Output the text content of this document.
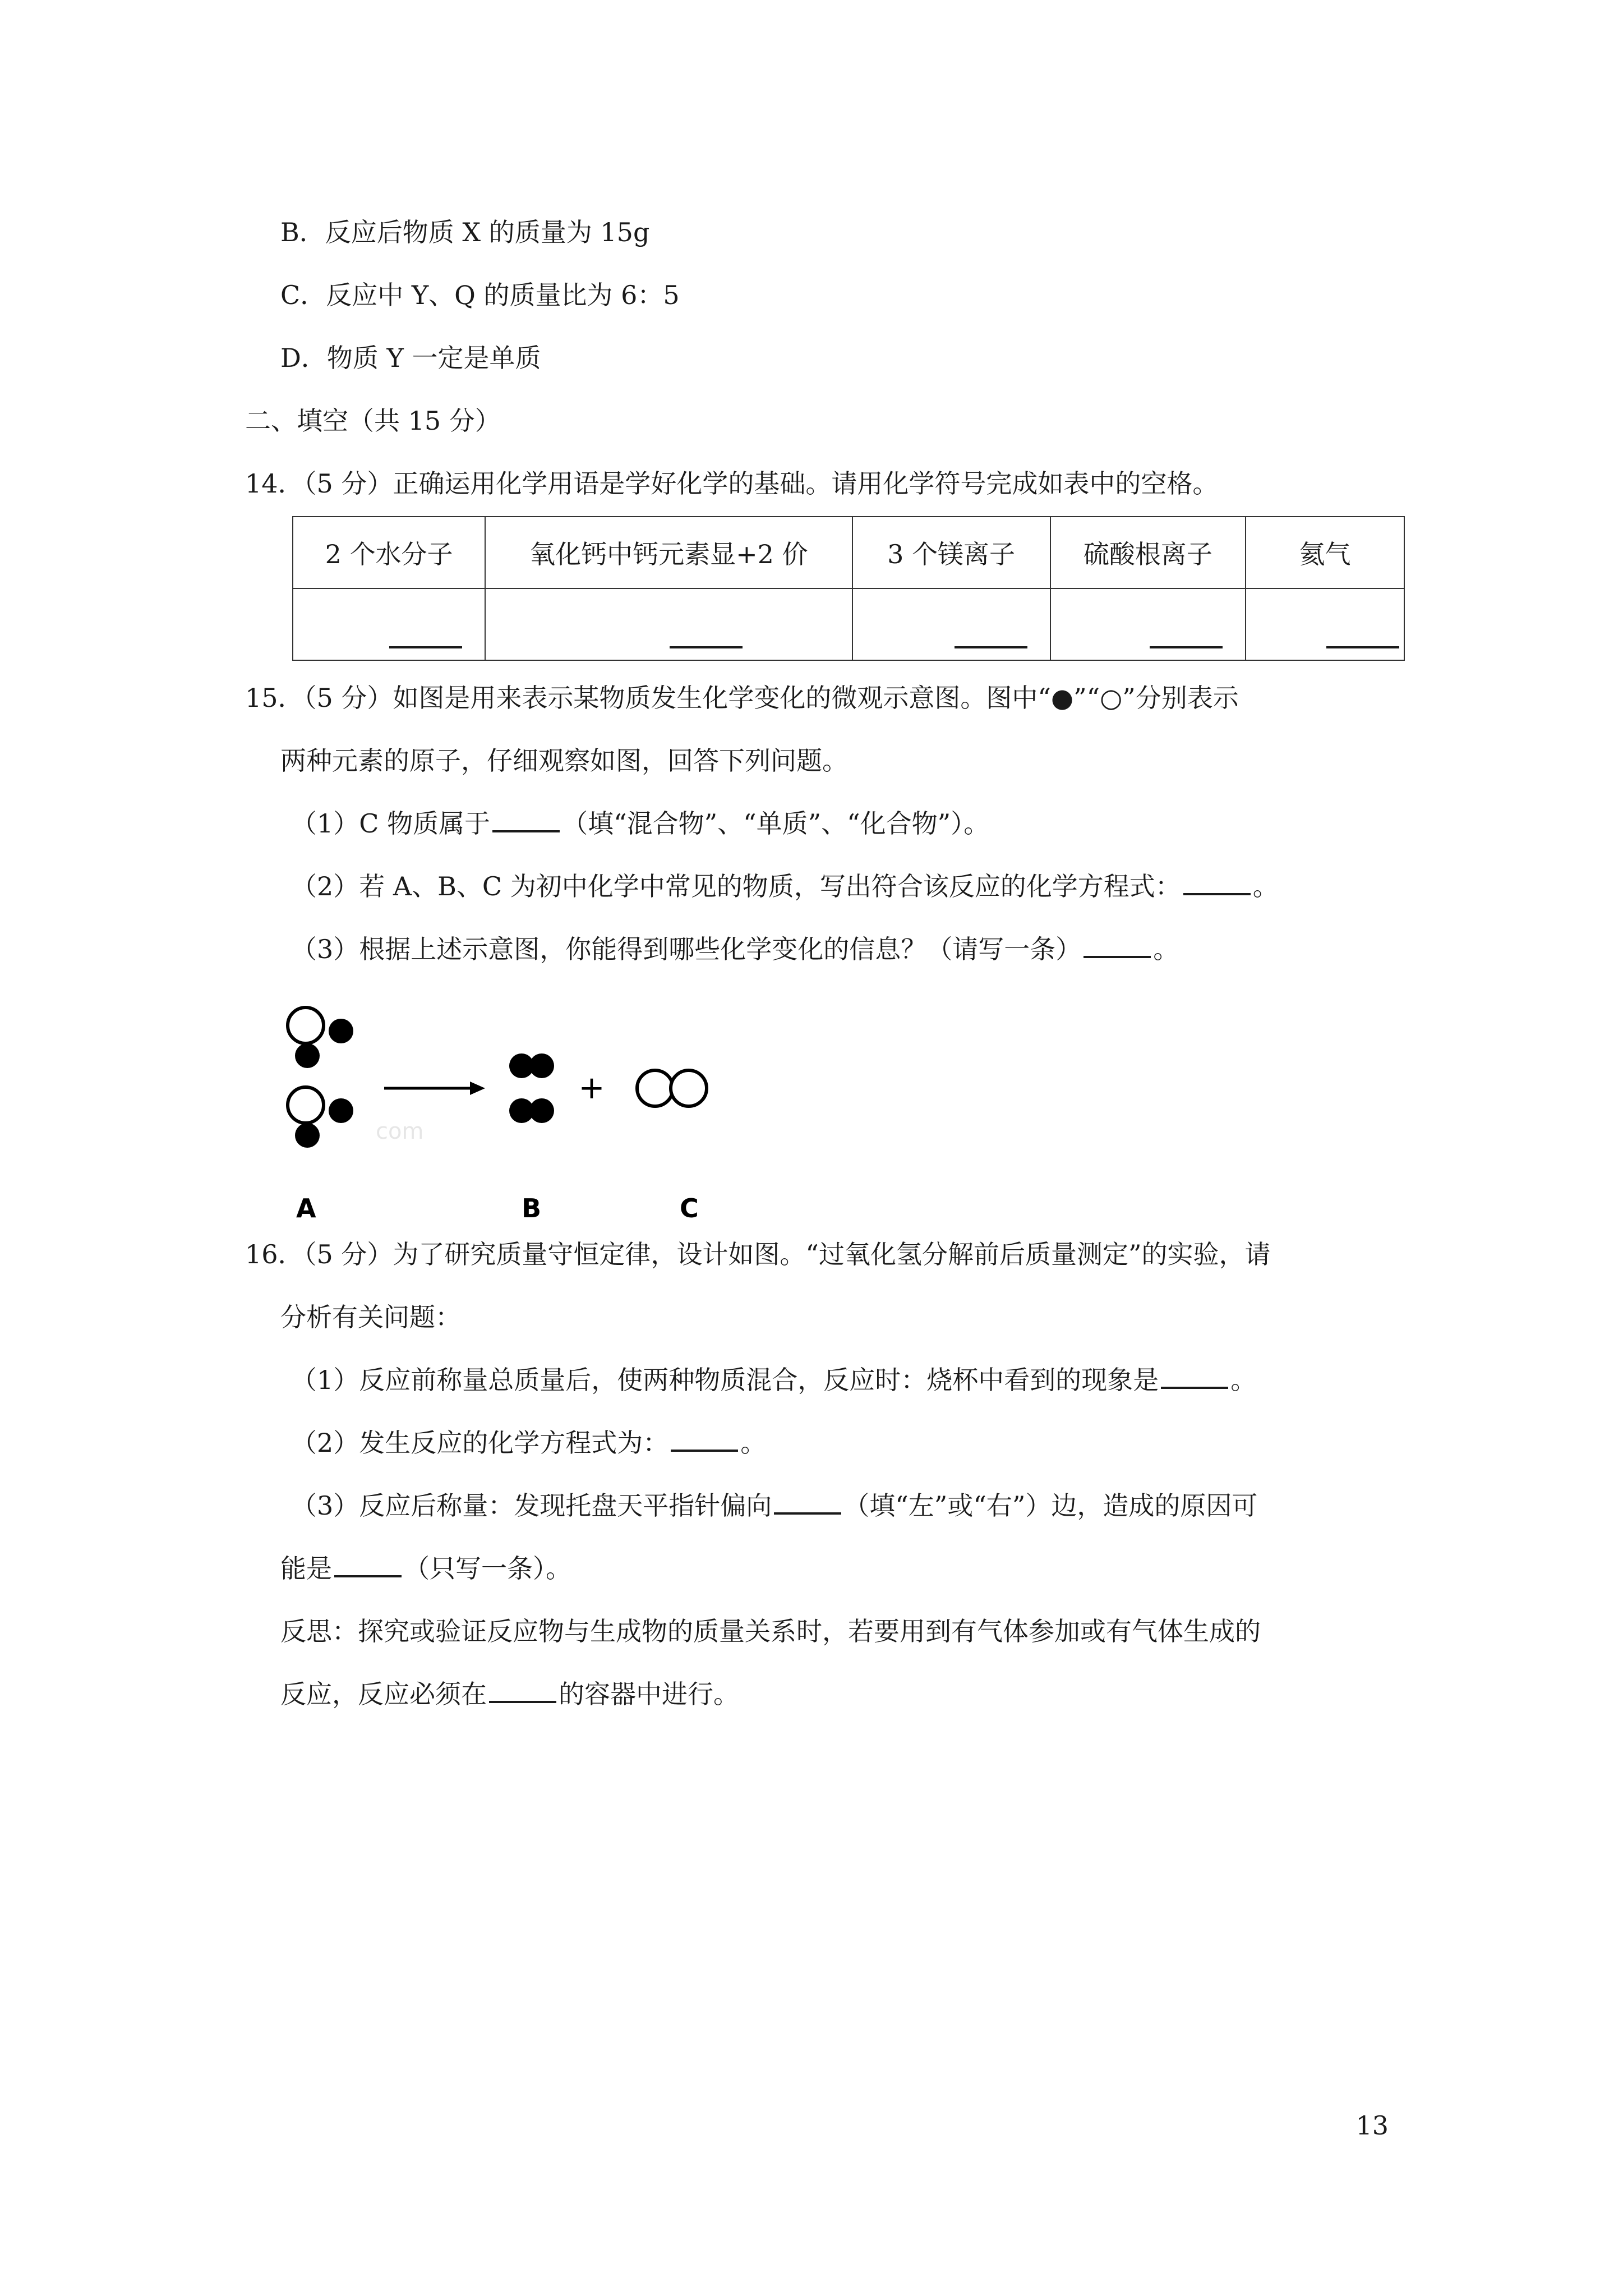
B．反应后物质 X 的质量为 15g
C．反应中 Y、Q 的质量比为 6：5
D．物质 Y 一定是单质
二、填空（共 15 分）
14．（5 分）正确运用化学用语是学好化学的基础。请用化学符号完成如表中的空格。
2 个水分子	氧化钙中钙元素显+2 价	3 个镁离子	硫酸根离子	氦气

15．（5 分）如图是用来表示某物质发生化学变化的微观示意图。图中“●”“○”分别表示
两种元素的原子，仔细观察如图，回答下列问题。
（1）C 物质属于	（填“混合物”、“单质”、“化合物”）。
（2）若 A、B、C 为初中化学中常见的物质，写出符合该反应的化学方程式：	。
（3）根据上述示意图，你能得到哪些化学变化的信息？（请写一条）	。
+
com
A	B	C
16．（5 分）为了研究质量守恒定律，设计如图。“过氧化氢分解前后质量测定”的实验，请
分析有关问题：
（1）反应前称量总质量后，使两种物质混合，反应时：烧杯中看到的现象是	。
（2）发生反应的化学方程式为：	。
（3）反应后称量：发现托盘天平指针偏向	（填“左”或“右”）边，造成的原因可
能是	（只写一条）。
反思：探究或验证反应物与生成物的质量关系时，若要用到有气体参加或有气体生成的
反应，反应必须在	的容器中进行。
13
